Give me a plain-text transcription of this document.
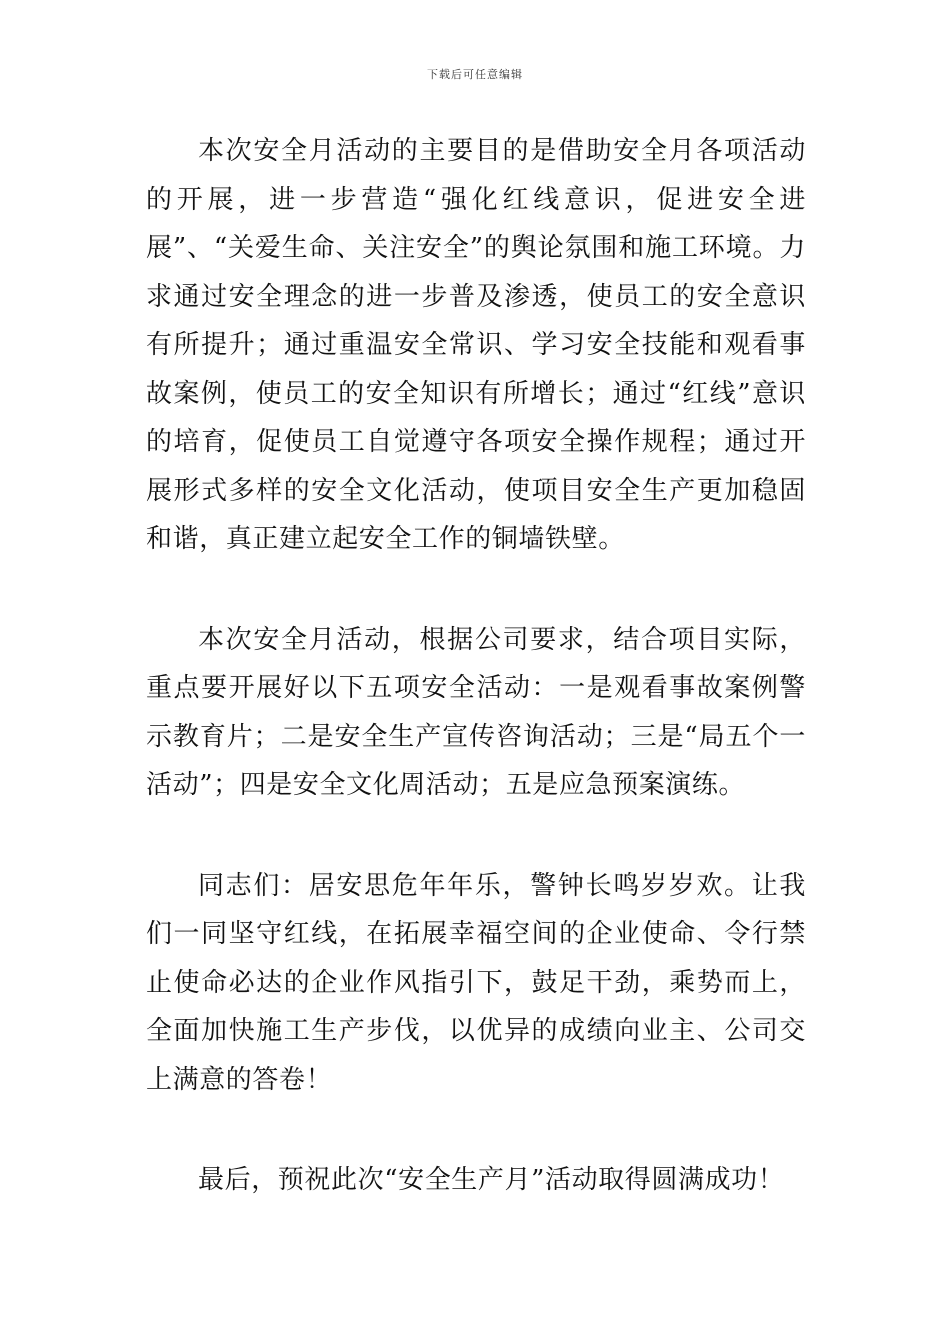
下载后可任意编辑

本次安全月活动的主要目的是借助安全月各项活动的开展，进一步营造“强化红线意识，促进安全进展”、“关爱生命、关注安全”的舆论氛围和施工环境。力求通过安全理念的进一步普及渗透，使员工的安全意识有所提升；通过重温安全常识、学习安全技能和观看事故案例，使员工的安全知识有所增长；通过“红线”意识的培育，促使员工自觉遵守各项安全操作规程；通过开展形式多样的安全文化活动，使项目安全生产更加稳固和谐，真正建立起安全工作的铜墙铁壁。

本次安全月活动，根据公司要求，结合项目实际，重点要开展好以下五项安全活动：一是观看事故案例警示教育片；二是安全生产宣传咨询活动；三是“局五个一活动”；四是安全文化周活动；五是应急预案演练。

同志们：居安思危年年乐，警钟长鸣岁岁欢。让我们一同坚守红线，在拓展幸福空间的企业使命、令行禁止使命必达的企业作风指引下，鼓足干劲，乘势而上，全面加快施工生产步伐，以优异的成绩向业主、公司交上满意的答卷！

最后，预祝此次“安全生产月”活动取得圆满成功！
